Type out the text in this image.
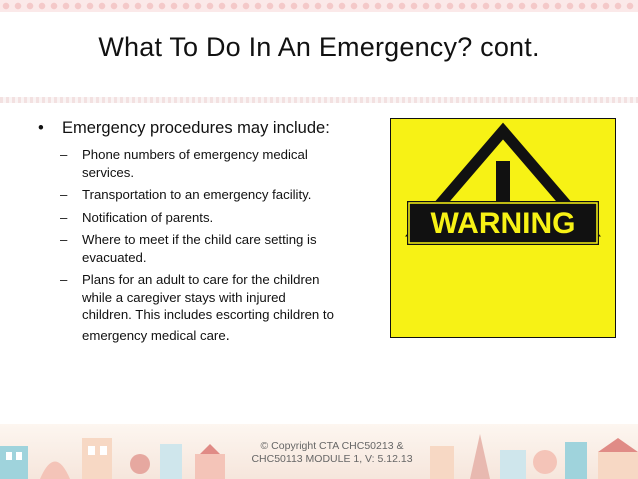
What To Do In An Emergency? cont.
• Emergency procedures may include:
– Phone numbers of emergency medical services.
– Transportation to an emergency facility.
– Notification of parents.
– Where to meet if the child care setting is evacuated.
– Plans for an adult to care for the children while a caregiver stays with injured children. This includes escorting children to
emergency medical care.
WARNING
© Copyright CTA CHC50213 &
CHC50113 MODULE 1, V: 5.12.13
